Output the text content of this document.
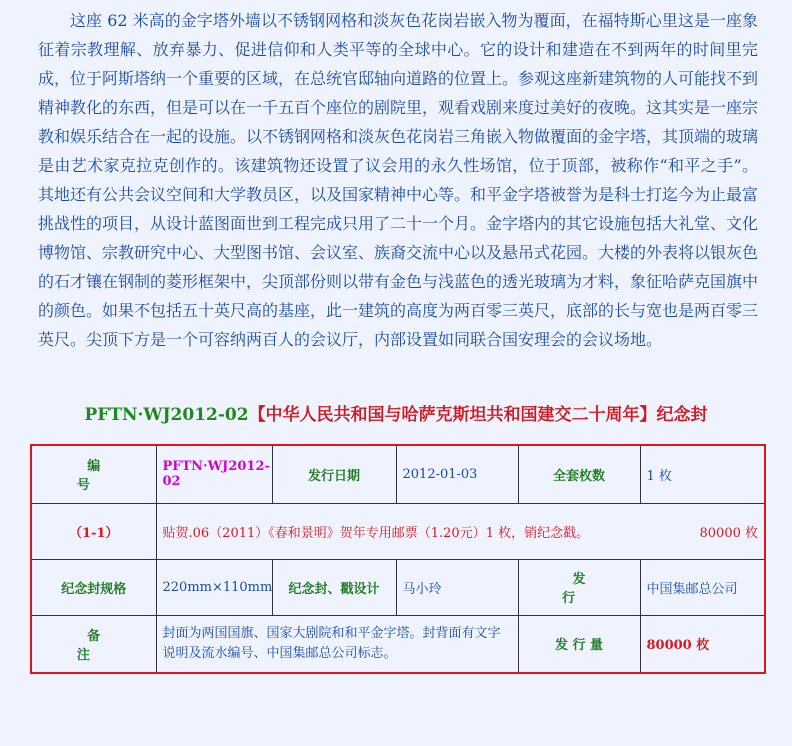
这座 62 米高的金字塔外墙以不锈钢网格和淡灰色花岗岩嵌入物为覆面，在福特斯心里这是一座象征着宗教理解、放弃暴力、促进信仰和人类平等的全球中心。它的设计和建造在不到两年的时间里完成，位于阿斯塔纳一个重要的区域，在总统官邸轴向道路的位置上。参观这座新建筑物的人可能找不到精神教化的东西，但是可以在一千五百个座位的剧院里，观看戏剧来度过美好的夜晚。这其实是一座宗教和娱乐结合在一起的设施。以不锈钢网格和淡灰色花岗岩三角嵌入物做覆面的金字塔，其顶端的玻璃是由艺术家克拉克创作的。该建筑物还设置了议会用的永久性场馆，位于顶部，被称作“和平之手”。其地还有公共会议空间和大学教员区，以及国家精神中心等。和平金字塔被誉为是科士打迄今为止最富挑战性的项目，从设计蓝图面世到工程完成只用了二十一个月。金字塔内的其它设施包括大礼堂、文化博物馆、宗教研究中心、大型图书馆、会议室、族裔交流中心以及悬吊式花园。大楼的外表将以银灰色的石才镶在钢制的菱形框架中，尖顶部份则以带有金色与浅蓝色的透光玻璃为才料，象征哈萨克国旗中的颜色。如果不包括五十英尺高的基座，此一建筑的高度为两百零三英尺，底部的长与宽也是两百零三英尺。尖顶下方是一个可容纳两百人的会议厅，内部设置如同联合国安理会的会议场地。

PFTN·WJ2012-02【中华人民共和国与哈萨克斯坦共和国建交二十周年】纪念封
编 号	PFTN·WJ2012-02	发行日期	2012-01-03	全套枚数	1 枚
（1-1）	贴贺.06（2011）《春和景明》贺年专用邮票（1.20元）1 枚，销纪念戳。 80000 枚				

纪念封规格	220mm×110mm	纪念封、戳设计	马小玲	发 行	中国集邮总公司
备 注	封面为两国国旗、国家大剧院和和平金字塔。封背面有文字说明及流水编号、中国集邮总公司标志。			发 行 量	80000 枚
